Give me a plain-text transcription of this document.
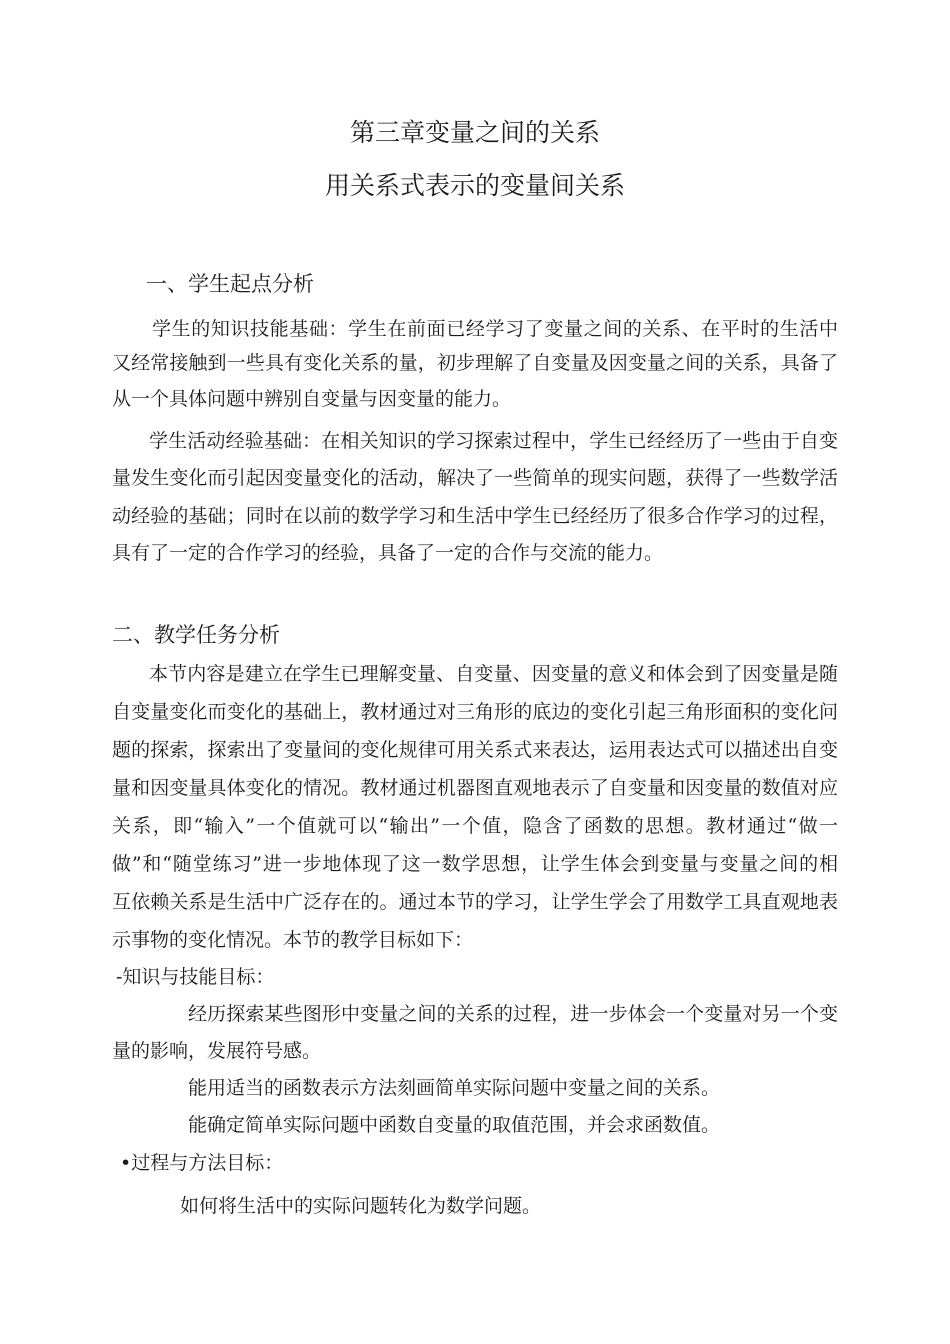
第三章变量之间的关系
用关系式表示的变量间关系
一、学生起点分析
学生的知识技能基础：学生在前面已经学习了变量之间的关系、在平时的生活中
又经常接触到一些具有变化关系的量，初步理解了自变量及因变量之间的关系，具备了
从一个具体问题中辨别自变量与因变量的能力。
学生活动经验基础：在相关知识的学习探索过程中，学生已经经历了一些由于自变
量发生变化而引起因变量变化的活动，解决了一些简单的现实问题，获得了一些数学活
动经验的基础；同时在以前的数学学习和生活中学生已经经历了很多合作学习的过程，
具有了一定的合作学习的经验，具备了一定的合作与交流的能力。
二、教学任务分析
本节内容是建立在学生已理解变量、自变量、因变量的意义和体会到了因变量是随
自变量变化而变化的基础上，教材通过对三角形的底边的变化引起三角形面积的变化问
题的探索，探索出了变量间的变化规律可用关系式来表达，运用表达式可以描述出自变
量和因变量具体变化的情况。教材通过机器图直观地表示了自变量和因变量的数值对应
关系，即“输入”一个值就可以“输出”一个值，隐含了函数的思想。教材通过“做一
做”和“随堂练习”进一步地体现了这一数学思想，让学生体会到变量与变量之间的相
互依赖关系是生活中广泛存在的。通过本节的学习，让学生学会了用数学工具直观地表
示事物的变化情况。本节的教学目标如下：
-知识与技能目标：
经历探索某些图形中变量之间的关系的过程，进一步体会一个变量对另一个变
量的影响，发展符号感。
能用适当的函数表示方法刻画简单实际问题中变量之间的关系。
能确定简单实际问题中函数自变量的取值范围，并会求函数值。
•过程与方法目标：
如何将生活中的实际问题转化为数学问题。
